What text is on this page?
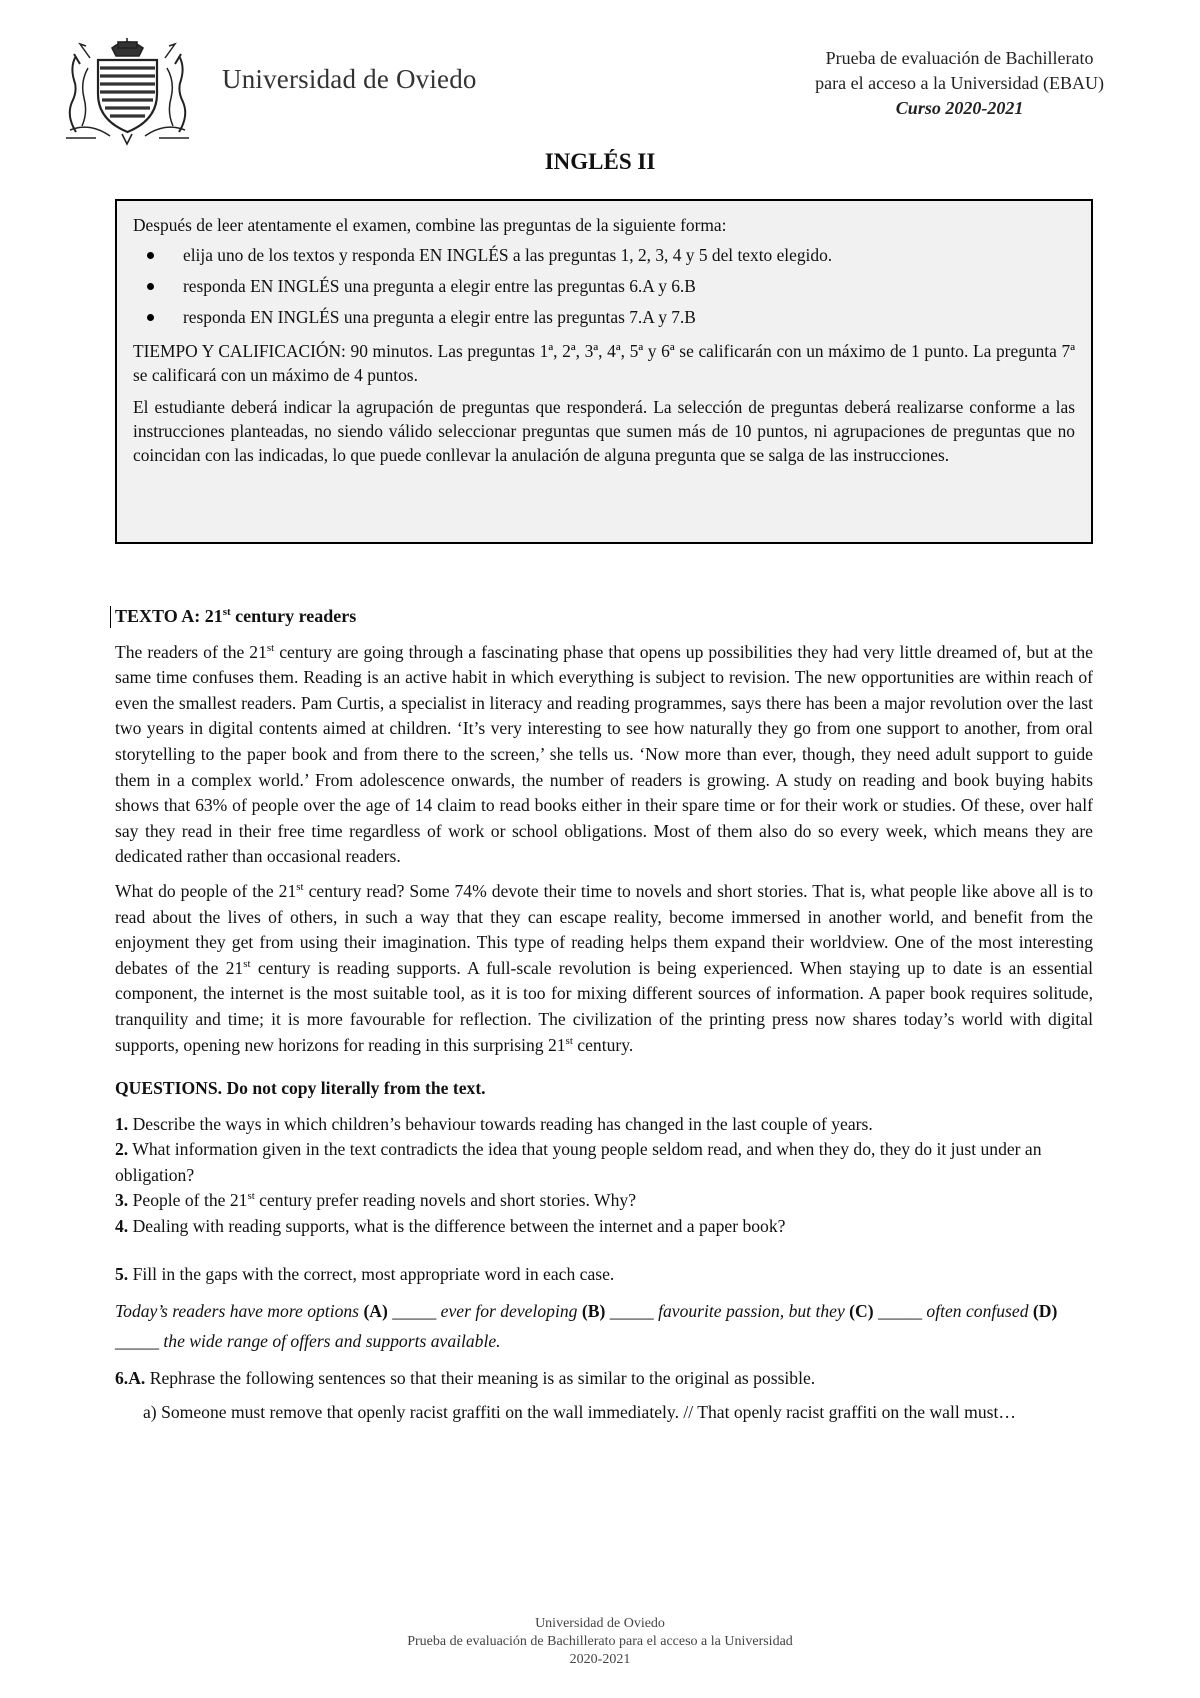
Universidad de Oviedo
Prueba de evaluación de Bachillerato
para el acceso a la Universidad (EBAU)
Curso 2020-2021
INGLÉS II

Después de leer atentamente el examen, combine las preguntas de la siguiente forma:

elija uno de los textos y responda EN INGLÉS a las preguntas 1, 2, 3, 4 y 5 del texto elegido.
responda EN INGLÉS una pregunta a elegir entre las preguntas 6.A y 6.B
responda EN INGLÉS una pregunta a elegir entre las preguntas 7.A y 7.B

TIEMPO Y CALIFICACIÓN: 90 minutos. Las preguntas 1ª, 2ª, 3ª, 4ª, 5ª y 6ª se calificarán con un máximo de 1 punto. La pregunta 7ª se calificará con un máximo de 4 puntos.

El estudiante deberá indicar la agrupación de preguntas que responderá. La selección de preguntas deberá realizarse conforme a las instrucciones planteadas, no siendo válido seleccionar preguntas que sumen más de 10 puntos, ni agrupaciones de preguntas que no coincidan con las indicadas, lo que puede conllevar la anulación de alguna pregunta que se salga de las instrucciones.

TEXTO A: 21st century readers

The readers of the 21st century are going through a fascinating phase that opens up possibilities they had very little dreamed of, but at the same time confuses them. Reading is an active habit in which everything is subject to revision. The new opportunities are within reach of even the smallest readers. Pam Curtis, a specialist in literacy and reading programmes, says there has been a major revolution over the last two years in digital contents aimed at children. ‘It’s very interesting to see how naturally they go from one support to another, from oral storytelling to the paper book and from there to the screen,’ she tells us. ‘Now more than ever, though, they need adult support to guide them in a complex world.’ From adolescence onwards, the number of readers is growing. A study on reading and book buying habits shows that 63% of people over the age of 14 claim to read books either in their spare time or for their work or studies. Of these, over half say they read in their free time regardless of work or school obligations. Most of them also do so every week, which means they are dedicated rather than occasional readers.

What do people of the 21st century read? Some 74% devote their time to novels and short stories. That is, what people like above all is to read about the lives of others, in such a way that they can escape reality, become immersed in another world, and benefit from the enjoyment they get from using their imagination. This type of reading helps them expand their worldview. One of the most interesting debates of the 21st century is reading supports. A full-scale revolution is being experienced. When staying up to date is an essential component, the internet is the most suitable tool, as it is too for mixing different sources of information. A paper book requires solitude, tranquility and time; it is more favourable for reflection. The civilization of the printing press now shares today’s world with digital supports, opening new horizons for reading in this surprising 21st century.

QUESTIONS. Do not copy literally from the text.

1. Describe the ways in which children’s behaviour towards reading has changed in the last couple of years.

2. What information given in the text contradicts the idea that young people seldom read, and when they do, they do it just under an obligation?

3. People of the 21st century prefer reading novels and short stories. Why?

4. Dealing with reading supports, what is the difference between the internet and a paper book?

5. Fill in the gaps with the correct, most appropriate word in each case.

Today’s readers have more options (A) _____ ever for developing (B) _____ favourite passion, but they (C) _____ often confused (D) _____ the wide range of offers and supports available.

6.A. Rephrase the following sentences so that their meaning is as similar to the original as possible.

a) Someone must remove that openly racist graffiti on the wall immediately. // That openly racist graffiti on the wall must…

Universidad de Oviedo
Prueba de evaluación de Bachillerato para el acceso a la Universidad
2020-2021
